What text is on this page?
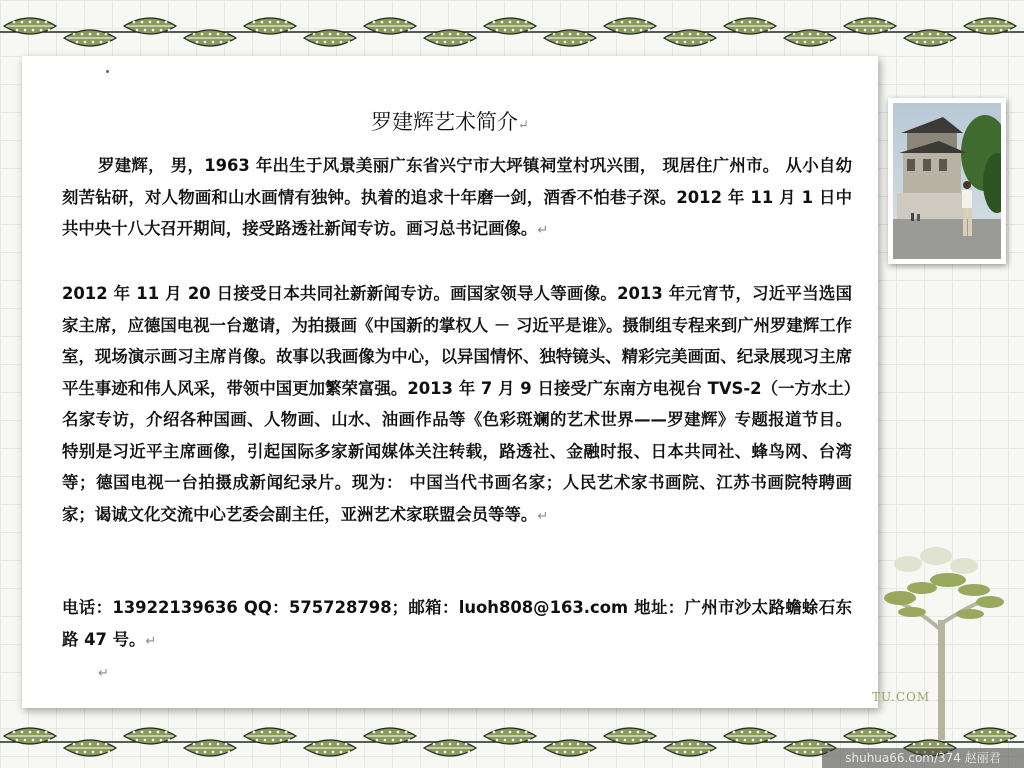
罗建辉艺术简介↵

罗建辉， 男，1963 年出生于风景美丽广东省兴宁市大坪镇祠堂村巩兴围， 现居住广州市。 从小自幼刻苦钻研，对人物画和山水画情有独钟。执着的追求十年磨一剑，酒香不怕巷子深。2012 年 11 月 1 日中共中央十八大召开期间，接受路透社新闻专访。画习总书记画像。↵

2012 年 11 月 20 日接受日本共同社新新闻专访。画国家领导人等画像。2013 年元宵节，习近平当选国家主席，应德国电视一台邀请，为拍摄画《中国新的掌权人 － 习近平是谁》。摄制组专程来到广州罗建辉工作室，现场演示画习主席肖像。故事以我画像为中心，以异国情怀、独特镜头、精彩完美画面、纪录展现习主席平生事迹和伟人风采，带领中国更加繁荣富强。2013 年 7 月 9 日接受广东南方电视台 TVS-2（一方水土）名家专访，介绍各种国画、人物画、山水、油画作品等《色彩斑斓的艺术世界——罗建辉》专题报道节目。 特别是习近平主席画像，引起国际多家新闻媒体关注转载，路透社、金融时报、日本共同社、蜂鸟网、台湾等；德国电视一台拍摄成新闻纪录片。现为： 中国当代书画名家；人民艺术家书画院、江苏书画院特聘画家；谒诚文化交流中心艺委会副主任，亚洲艺术家联盟会员等等。↵

电话：13922139636 QQ：575728798；邮箱：luoh808@163.com 地址：广州市沙太路蟾蜍石东路 47 号。↵

↵
TU.COM
shuhua66.com/374 赵丽君
